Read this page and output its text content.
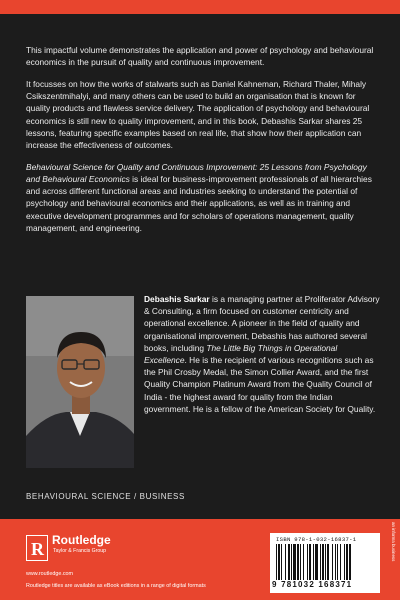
This impactful volume demonstrates the application and power of psychology and behavioural economics in the pursuit of quality and continuous improvement.

It focusses on how the works of stalwarts such as Daniel Kahneman, Richard Thaler, Mihaly Csikszentmihalyi, and many others can be used to build an organisation that is known for quality products and flawless service delivery. The application of psychology and behavioural economics is still new to quality improvement, and in this book, Debashis Sarkar shares 25 lessons, featuring specific examples based on real life, that show how their application can increase the effectiveness of outcomes.

Behavioural Science for Quality and Continuous Improvement: 25 Lessons from Psychology and Behavioural Economics is ideal for business-improvement professionals of all hierarchies and across different functional areas and industries seeking to understand the potential of psychology and behavioural economics and their applications, as well as in training and executive development programmes and for scholars of operations management, quality management, and engineering.

Debashis Sarkar is a managing partner at Proliferator Advisory & Consulting, a firm focused on customer centricity and operational excellence. A pioneer in the field of quality and organisational improvement, Debashis has authored several books, including The Little Big Things in Operational Excellence. He is the recipient of various recognitions such as the Phil Crosby Medal, the Simon Collier Award, and the first Quality Champion Platinum Award from the Quality Council of India - the highest award for quality from the Indian government. He is a fellow of the American Society for Quality.
BEHAVIOURAL SCIENCE / BUSINESS
R Routledge
Taylor & Francis Group
www.routledge.com
Routledge titles are available as eBook editions in a range of digital formats
ISBN 978-1-032-16837-1
9 781032 168371
an informa business
